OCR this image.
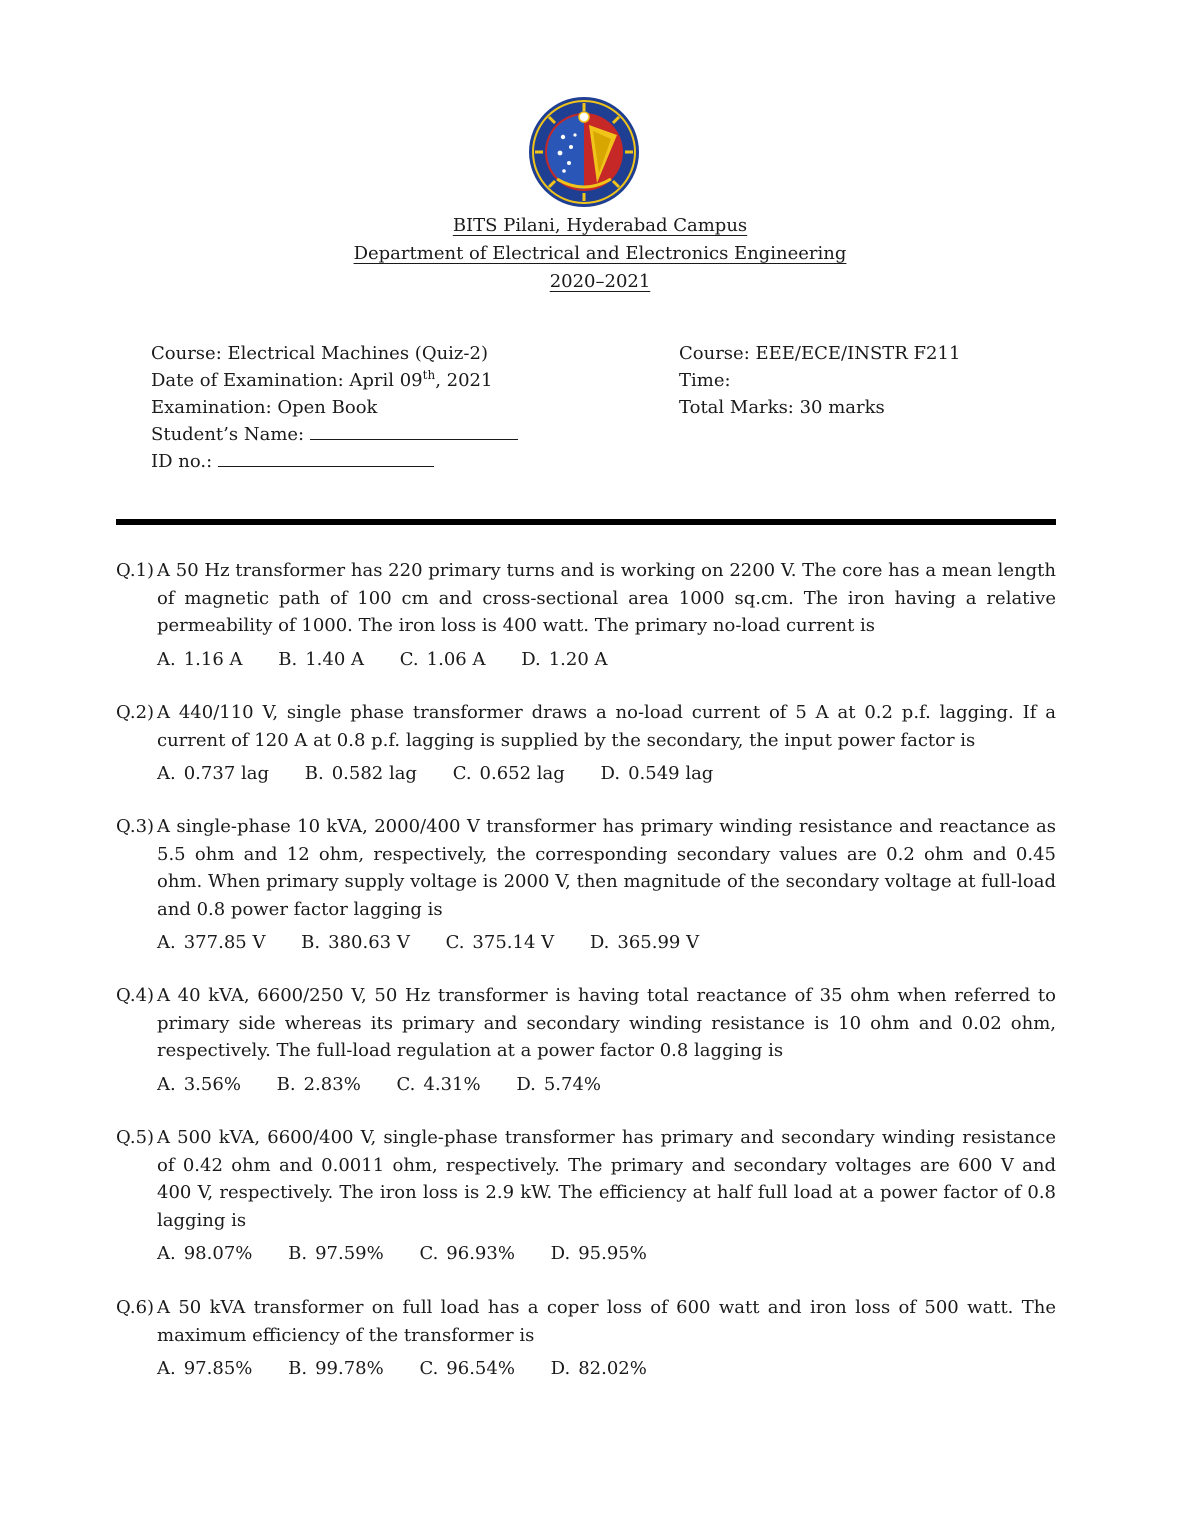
BITS Pilani, Hyderabad Campus
Department of Electrical and Electronics Engineering
2020–2021
Course: Electrical Machines (Quiz-2)
Date of Examination: April 09th, 2021
Examination: Open Book
Student’s Name:
ID no.:
Course: EEE/ECE/INSTR F211
Time:
Total Marks: 30 marks
Q.1) A 50 Hz transformer has 220 primary turns and is working on 2200 V. The core has a mean length of magnetic path of 100 cm and cross-sectional area 1000 sq.cm. The iron having a relative permeability of 1000. The iron loss is 400 watt. The primary no-load current is
A. 1.16 A B. 1.40 A C. 1.06 A D. 1.20 A
Q.2) A 440/110 V, single phase transformer draws a no-load current of 5 A at 0.2 p.f. lagging. If a current of 120 A at 0.8 p.f. lagging is supplied by the secondary, the input power factor is
A. 0.737 lag B. 0.582 lag C. 0.652 lag D. 0.549 lag
Q.3) A single-phase 10 kVA, 2000/400 V transformer has primary winding resistance and reactance as 5.5 ohm and 12 ohm, respectively, the corresponding secondary values are 0.2 ohm and 0.45 ohm. When primary supply voltage is 2000 V, then magnitude of the secondary voltage at full-load and 0.8 power factor lagging is
A. 377.85 V B. 380.63 V C. 375.14 V D. 365.99 V
Q.4) A 40 kVA, 6600/250 V, 50 Hz transformer is having total reactance of 35 ohm when referred to primary side whereas its primary and secondary winding resistance is 10 ohm and 0.02 ohm, respectively. The full-load regulation at a power factor 0.8 lagging is
A. 3.56% B. 2.83% C. 4.31% D. 5.74%
Q.5) A 500 kVA, 6600/400 V, single-phase transformer has primary and secondary winding resistance of 0.42 ohm and 0.0011 ohm, respectively. The primary and secondary voltages are 600 V and 400 V, respectively. The iron loss is 2.9 kW. The efficiency at half full load at a power factor of 0.8 lagging is
A. 98.07% B. 97.59% C. 96.93% D. 95.95%
Q.6) A 50 kVA transformer on full load has a coper loss of 600 watt and iron loss of 500 watt. The maximum efficiency of the transformer is
A. 97.85% B. 99.78% C. 96.54% D. 82.02%
